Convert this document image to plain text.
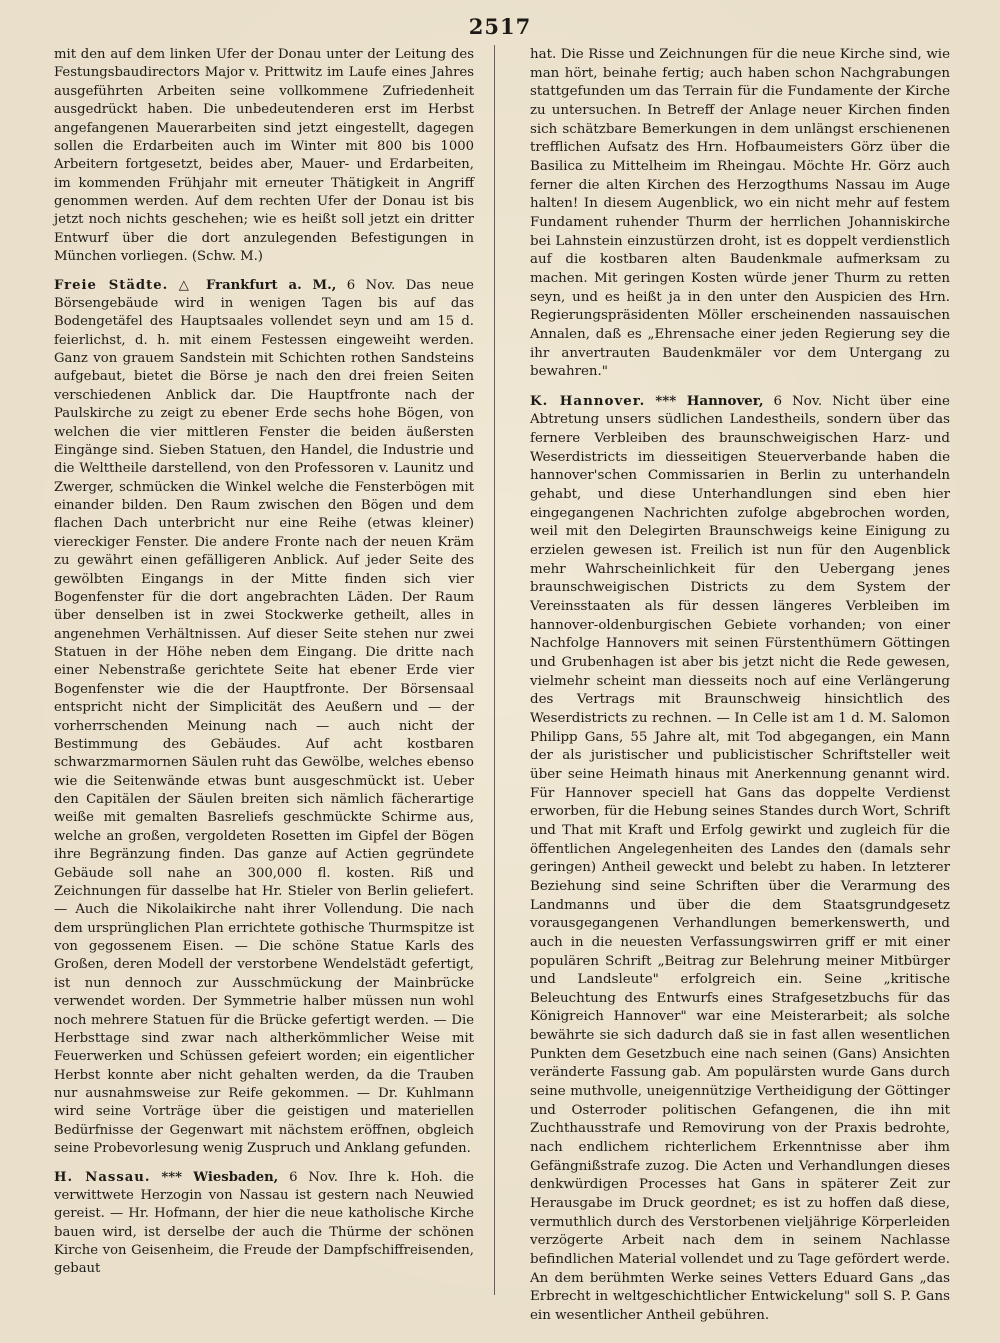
2517

mit den auf dem linken Ufer der Donau unter der Leitung des Festungsbaudirectors Major v. Prittwitz im Laufe eines Jahres ausgeführten Arbeiten seine vollkommene Zufriedenheit ausgedrückt haben. Die unbedeutenderen erst im Herbst angefangenen Mauerarbeiten sind jetzt eingestellt, dagegen sollen die Erdarbeiten auch im Winter mit 800 bis 1000 Arbeitern fortgesetzt, beides aber, Mauer- und Erdarbeiten, im kommenden Frühjahr mit erneuter Thätigkeit in Angriff genommen werden. Auf dem rechten Ufer der Donau ist bis jetzt noch nichts geschehen; wie es heißt soll jetzt ein dritter Entwurf über die dort anzulegenden Befestigungen in München vorliegen. (Schw. M.)

Freie Städte. △ Frankfurt a. M., 6 Nov. Das neue Börsengebäude wird in wenigen Tagen bis auf das Bodengetäfel des Hauptsaales vollendet seyn und am 15 d. feierlichst, d. h. mit einem Festessen eingeweiht werden. Ganz von grauem Sandstein mit Schichten rothen Sandsteins aufgebaut, bietet die Börse je nach den drei freien Seiten verschiedenen Anblick dar. Die Hauptfronte nach der Paulskirche zu zeigt zu ebener Erde sechs hohe Bögen, von welchen die vier mittleren Fenster die beiden äußersten Eingänge sind. Sieben Statuen, den Handel, die Industrie und die Welttheile darstellend, von den Professoren v. Launitz und Zwerger, schmücken die Winkel welche die Fensterbögen mit einander bilden. Den Raum zwischen den Bögen und dem flachen Dach unterbricht nur eine Reihe (etwas kleiner) viereckiger Fenster. Die andere Fronte nach der neuen Kräm zu gewährt einen gefälligeren Anblick. Auf jeder Seite des gewölbten Eingangs in der Mitte finden sich vier Bogenfenster für die dort angebrachten Läden. Der Raum über denselben ist in zwei Stockwerke getheilt, alles in angenehmen Verhältnissen. Auf dieser Seite stehen nur zwei Statuen in der Höhe neben dem Eingang. Die dritte nach einer Nebenstraße gerichtete Seite hat ebener Erde vier Bogenfenster wie die der Hauptfronte. Der Börsensaal entspricht nicht der Simplicität des Aeußern und — der vorherrschenden Meinung nach — auch nicht der Bestimmung des Gebäudes. Auf acht kostbaren schwarzmarmornen Säulen ruht das Gewölbe, welches ebenso wie die Seitenwände etwas bunt ausgeschmückt ist. Ueber den Capitälen der Säulen breiten sich nämlich fächerartige weiße mit gemalten Basreliefs geschmückte Schirme aus, welche an großen, vergoldeten Rosetten im Gipfel der Bögen ihre Begränzung finden. Das ganze auf Actien gegründete Gebäude soll nahe an 300,000 fl. kosten. Riß und Zeichnungen für dasselbe hat Hr. Stieler von Berlin geliefert. — Auch die Nikolaikirche naht ihrer Vollendung. Die nach dem ursprünglichen Plan errichtete gothische Thurmspitze ist von gegossenem Eisen. — Die schöne Statue Karls des Großen, deren Modell der verstorbene Wendelstädt gefertigt, ist nun dennoch zur Ausschmückung der Mainbrücke verwendet worden. Der Symmetrie halber müssen nun wohl noch mehrere Statuen für die Brücke gefertigt werden. — Die Herbsttage sind zwar nach altherkömmlicher Weise mit Feuerwerken und Schüssen gefeiert worden; ein eigentlicher Herbst konnte aber nicht gehalten werden, da die Trauben nur ausnahmsweise zur Reife gekommen. — Dr. Kuhlmann wird seine Vorträge über die geistigen und materiellen Bedürfnisse der Gegenwart mit nächstem eröffnen, obgleich seine Probevorlesung wenig Zuspruch und Anklang gefunden.

H. Nassau. *** Wiesbaden, 6 Nov. Ihre k. Hoh. die verwittwete Herzogin von Nassau ist gestern nach Neuwied gereist. — Hr. Hofmann, der hier die neue katholische Kirche bauen wird, ist derselbe der auch die Thürme der schönen Kirche von Geisenheim, die Freude der Dampfschiffreisenden, gebaut

hat. Die Risse und Zeichnungen für die neue Kirche sind, wie man hört, beinahe fertig; auch haben schon Nachgrabungen stattgefunden um das Terrain für die Fundamente der Kirche zu untersuchen. In Betreff der Anlage neuer Kirchen finden sich schätzbare Bemerkungen in dem unlängst erschienenen trefflichen Aufsatz des Hrn. Hofbaumeisters Görz über die Basilica zu Mittelheim im Rheingau. Möchte Hr. Görz auch ferner die alten Kirchen des Herzogthums Nassau im Auge halten! In diesem Augenblick, wo ein nicht mehr auf festem Fundament ruhender Thurm der herrlichen Johanniskirche bei Lahnstein einzustürzen droht, ist es doppelt verdienstlich auf die kostbaren alten Baudenkmale aufmerksam zu machen. Mit geringen Kosten würde jener Thurm zu retten seyn, und es heißt ja in den unter den Auspicien des Hrn. Regierungspräsidenten Möller erscheinenden nassauischen Annalen, daß es „Ehrensache einer jeden Regierung sey die ihr anvertrauten Baudenkmäler vor dem Untergang zu bewahren."

K. Hannover. *** Hannover, 6 Nov. Nicht über eine Abtretung unsers südlichen Landestheils, sondern über das fernere Verbleiben des braunschweigischen Harz- und Weserdistricts im diesseitigen Steuerverbande haben die hannover'schen Commissarien in Berlin zu unterhandeln gehabt, und diese Unterhandlungen sind eben hier eingegangenen Nachrichten zufolge abgebrochen worden, weil mit den Delegirten Braunschweigs keine Einigung zu erzielen gewesen ist. Freilich ist nun für den Augenblick mehr Wahrscheinlichkeit für den Uebergang jenes braunschweigischen Districts zu dem System der Vereinsstaaten als für dessen längeres Verbleiben im hannover-oldenburgischen Gebiete vorhanden; von einer Nachfolge Hannovers mit seinen Fürstenthümern Göttingen und Grubenhagen ist aber bis jetzt nicht die Rede gewesen, vielmehr scheint man diesseits noch auf eine Verlängerung des Vertrags mit Braunschweig hinsichtlich des Weserdistricts zu rechnen. — In Celle ist am 1 d. M. Salomon Philipp Gans, 55 Jahre alt, mit Tod abgegangen, ein Mann der als juristischer und publicistischer Schriftsteller weit über seine Heimath hinaus mit Anerkennung genannt wird. Für Hannover speciell hat Gans das doppelte Verdienst erworben, für die Hebung seines Standes durch Wort, Schrift und That mit Kraft und Erfolg gewirkt und zugleich für die öffentlichen Angelegenheiten des Landes den (damals sehr geringen) Antheil geweckt und belebt zu haben. In letzterer Beziehung sind seine Schriften über die Verarmung des Landmanns und über die dem Staatsgrundgesetz vorausgegangenen Verhandlungen bemerkenswerth, und auch in die neuesten Verfassungswirren griff er mit einer populären Schrift „Beitrag zur Belehrung meiner Mitbürger und Landsleute" erfolgreich ein. Seine „kritische Beleuchtung des Entwurfs eines Strafgesetzbuchs für das Königreich Hannover" war eine Meisterarbeit; als solche bewährte sie sich dadurch daß sie in fast allen wesentlichen Punkten dem Gesetzbuch eine nach seinen (Gans) Ansichten veränderte Fassung gab. Am populärsten wurde Gans durch seine muthvolle, uneigennützige Vertheidigung der Göttinger und Osterroder politischen Gefangenen, die ihn mit Zuchthausstrafe und Removirung von der Praxis bedrohte, nach endlichem richterlichem Erkenntnisse aber ihm Gefängnißstrafe zuzog. Die Acten und Verhandlungen dieses denkwürdigen Processes hat Gans in späterer Zeit zur Herausgabe im Druck geordnet; es ist zu hoffen daß diese, vermuthlich durch des Verstorbenen vieljährige Körperleiden verzögerte Arbeit nach dem in seinem Nachlasse befindlichen Material vollendet und zu Tage gefördert werde. An dem berühmten Werke seines Vetters Eduard Gans „das Erbrecht in weltgeschichtlicher Entwickelung" soll S. P. Gans ein wesentlicher Antheil gebühren.
